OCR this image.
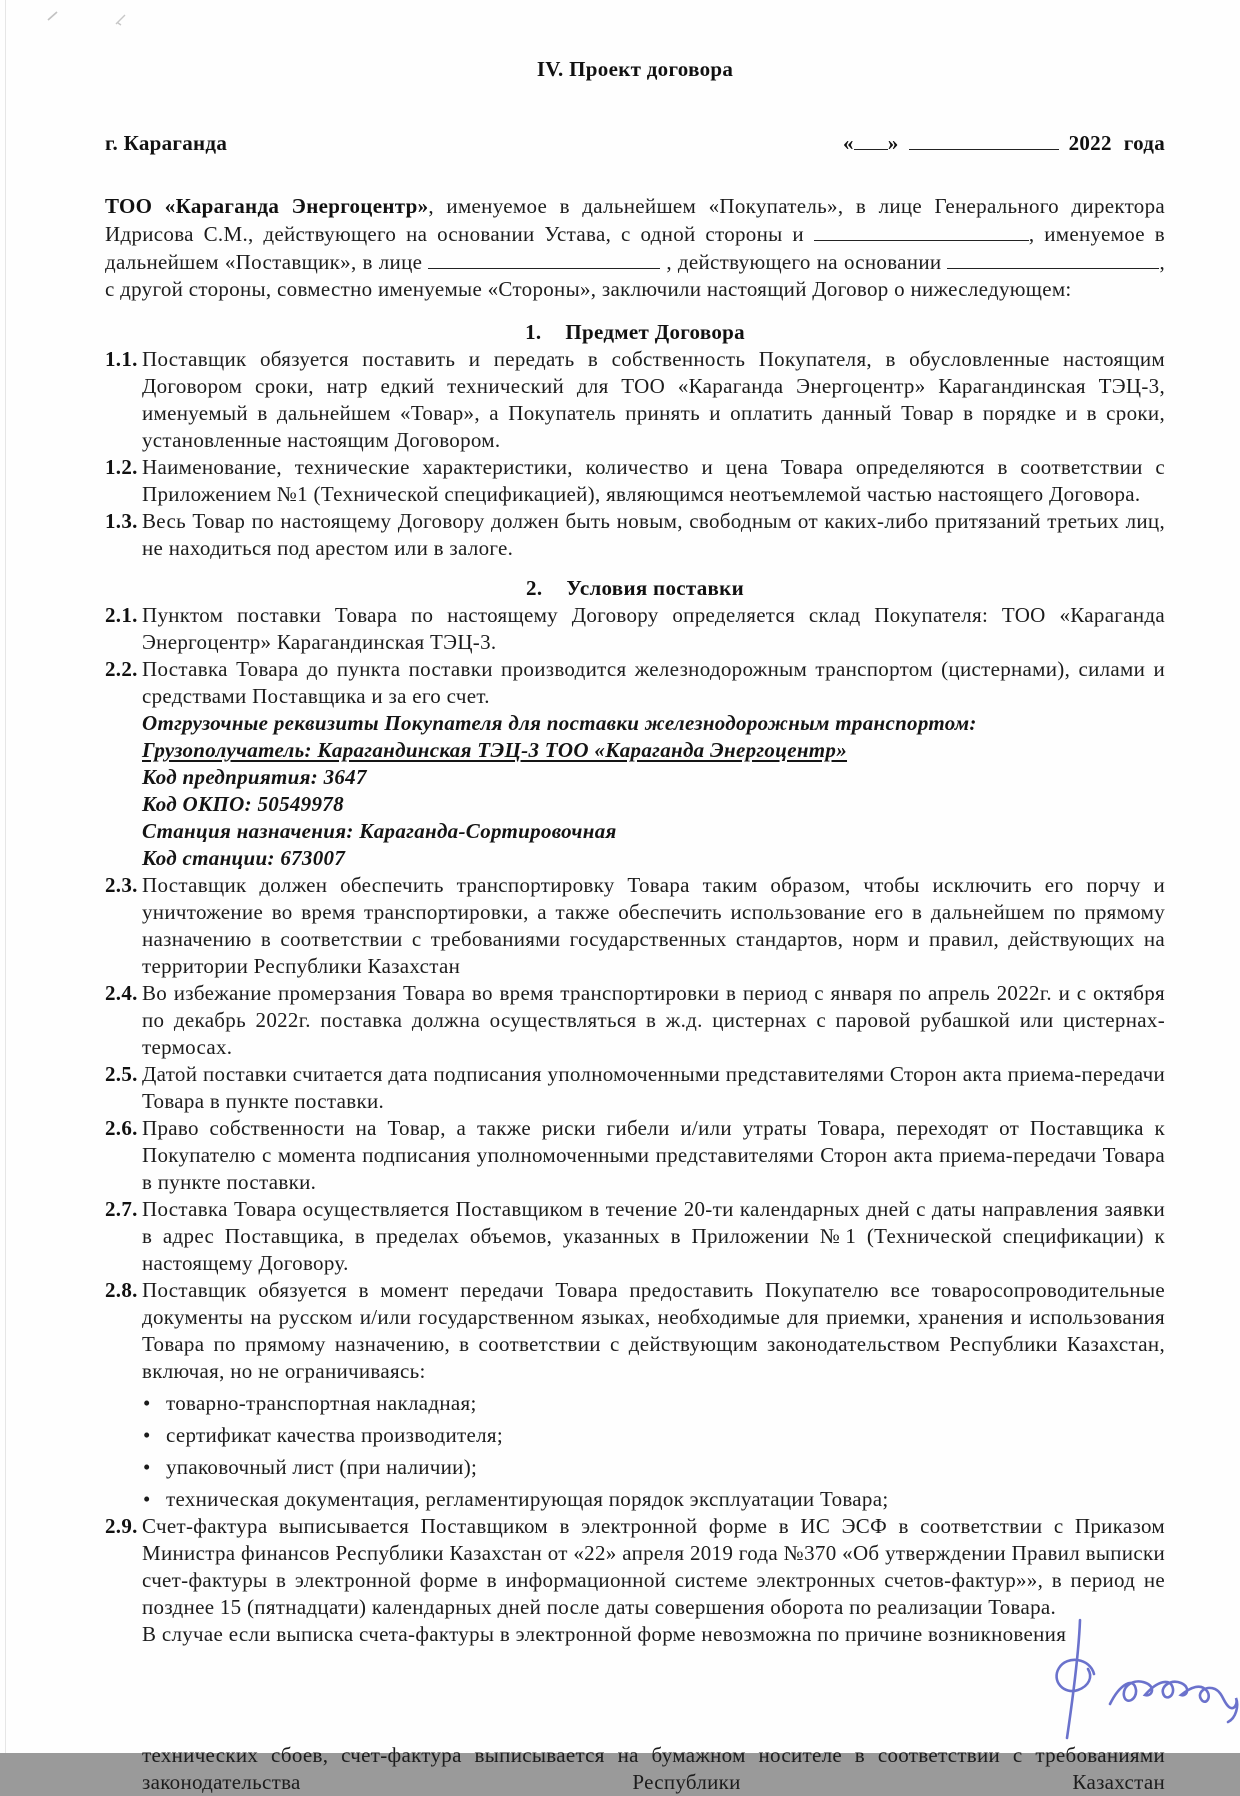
IV. Проект договора
г. Караганда	« »	2022 года

ТОО «Караганда Энергоцентр», именуемое в дальнейшем «Покупатель», в лице Генерального директора Идрисова С.М., действующего на основании Устава, с одной стороны и	, именуемое в дальнейшем «Поставщик», в лице	, действующего на основании	, с другой стороны, совместно именуемые «Стороны», заключили настоящий Договор о нижеследующем:

1. Предмет Договора
1.1. Поставщик обязуется поставить и передать в собственность Покупателя, в обусловленные настоящим Договором сроки, натр едкий технический для ТОО «Караганда Энергоцентр» Карагандинская ТЭЦ-3, именуемый в дальнейшем «Товар», а Покупатель принять и оплатить данный Товар в порядке и в сроки, установленные настоящим Договором.

1.2. Наименование, технические характеристики, количество и цена Товара определяются в соответствии с Приложением №1 (Технической спецификацией), являющимся неотъемлемой частью настоящего Договора.

1.3. Весь Товар по настоящему Договору должен быть новым, свободным от каких-либо притязаний третьих лиц, не находиться под арестом или в залоге.

2. Условия поставки
2.1. Пунктом поставки Товара по настоящему Договору определяется склад Покупателя: ТОО «Караганда Энергоцентр» Карагандинская ТЭЦ-3.

2.2. Поставка Товара до пункта поставки производится железнодорожным транспортом (цистернами), силами и средствами Поставщика и за его счет.

Отгрузочные реквизиты Покупателя для поставки железнодорожным транспортом:
Грузополучатель: Карагандинская ТЭЦ-3 ТОО «Караганда Энергоцентр»
Код предприятия: 3647
Код ОКПО: 50549978
Станция назначения: Караганда-Сортировочная
Код станции: 673007
2.3. Поставщик должен обеспечить транспортировку Товара таким образом, чтобы исключить его порчу и уничтожение во время транспортировки, а также обеспечить использование его в дальнейшем по прямому назначению в соответствии с требованиями государственных стандартов, норм и правил, действующих на территории Республики Казахстан

2.4. Во избежание промерзания Товара во время транспортировки в период с января по апрель 2022г. и с октября по декабрь 2022г. поставка должна осуществляться в ж.д. цистернах с паровой рубашкой или цистернах-термосах.

2.5. Датой поставки считается дата подписания уполномоченными представителями Сторон акта приема-передачи Товара в пункте поставки.

2.6. Право собственности на Товар, а также риски гибели и/или утраты Товара, переходят от Поставщика к Покупателю с момента подписания уполномоченными представителями Сторон акта приема-передачи Товара в пункте поставки.

2.7. Поставка Товара осуществляется Поставщиком в течение 20-ти календарных дней с даты направления заявки в адрес Поставщика, в пределах объемов, указанных в Приложении №1 (Технической спецификации) к настоящему Договору.

2.8. Поставщик обязуется в момент передачи Товара предоставить Покупателю все товаросопроводительные документы на русском и/или государственном языках, необходимые для приемки, хранения и использования Товара по прямому назначению, в соответствии с действующим законодательством Республики Казахстан, включая, но не ограничиваясь:

• товарно-транспортная накладная;
• сертификат качества производителя;
• упаковочный лист (при наличии);
• техническая документация, регламентирующая порядок эксплуатации Товара;
2.9. Счет-фактура выписывается Поставщиком в электронной форме в ИС ЭСФ в соответствии с Приказом Министра финансов Республики Казахстан от «22» апреля 2019 года №370 «Об утверждении Правил выписки счет-фактуры в электронной форме в информационной системе электронных счетов-фактур»», в период не позднее 15 (пятнадцати) календарных дней после даты совершения оборота по реализации Товара.

В случае если выписка счета-фактуры в электронной форме невозможна по причине возникновения

технических сбоев, счет-фактура выписывается на бумажном носителе в соответствии с требованиями законодательства Республики Казахстан
